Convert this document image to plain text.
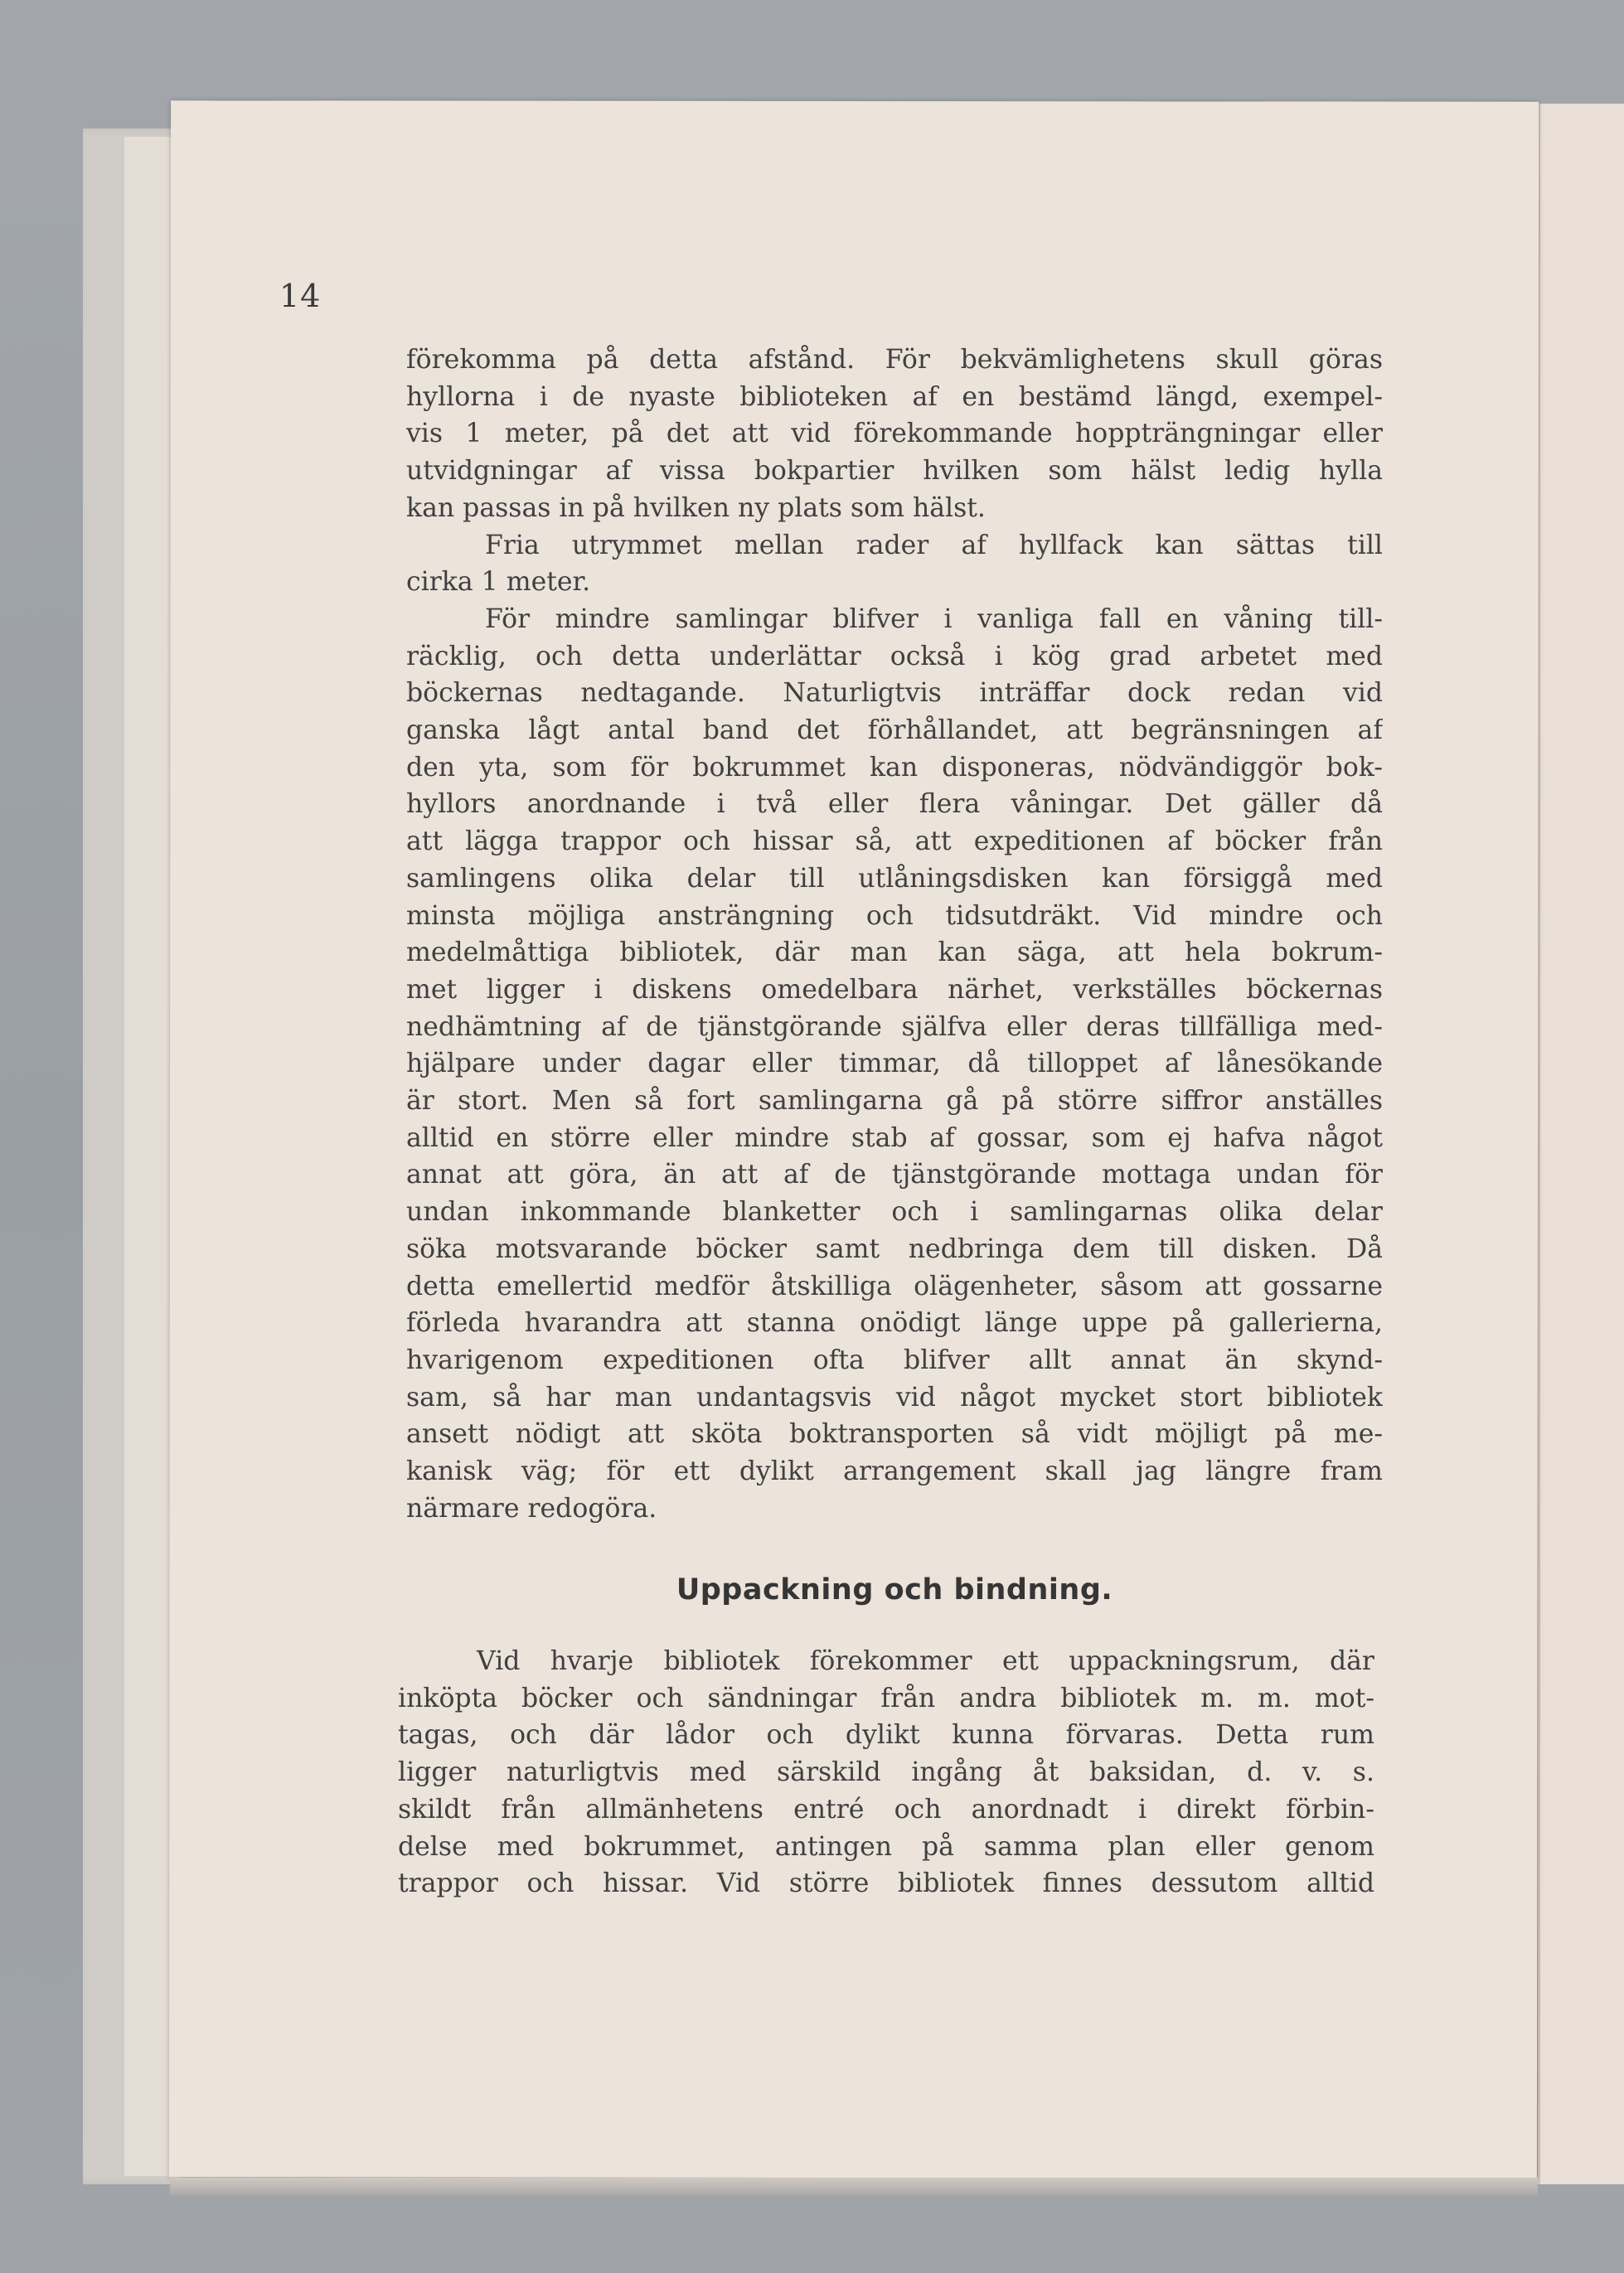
14
förekomma på detta afstånd. För bekvämlighetens skull göras
hyllorna i de nyaste biblioteken af en bestämd längd, exempel-
vis 1 meter, på det att vid förekommande hoppträngningar eller
utvidgningar af vissa bokpartier hvilken som hälst ledig hylla
kan passas in på hvilken ny plats som hälst.
Fria utrymmet mellan rader af hyllfack kan sättas till
cirka 1 meter.
För mindre samlingar blifver i vanliga fall en våning till-
räcklig, och detta underlättar också i kög grad arbetet med
böckernas nedtagande. Naturligtvis inträffar dock redan vid
ganska lågt antal band det förhållandet, att begränsningen af
den yta, som för bokrummet kan disponeras, nödvändiggör bok-
hyllors anordnande i två eller flera våningar. Det gäller då
att lägga trappor och hissar så, att expeditionen af böcker från
samlingens olika delar till utlåningsdisken kan försiggå med
minsta möjliga ansträngning och tidsutdräkt. Vid mindre och
medelmåttiga bibliotek, där man kan säga, att hela bokrum-
met ligger i diskens omedelbara närhet, verkställes böckernas
nedhämtning af de tjänstgörande själfva eller deras tillfälliga med-
hjälpare under dagar eller timmar, då tilloppet af lånesökande
är stort. Men så fort samlingarna gå på större siffror anställes
alltid en större eller mindre stab af gossar, som ej hafva något
annat att göra, än att af de tjänstgörande mottaga undan för
undan inkommande blanketter och i samlingarnas olika delar
söka motsvarande böcker samt nedbringa dem till disken. Då
detta emellertid medför åtskilliga olägenheter, såsom att gossarne
förleda hvarandra att stanna onödigt länge uppe på gallerierna,
hvarigenom expeditionen ofta blifver allt annat än skynd-
sam, så har man undantagsvis vid något mycket stort bibliotek
ansett nödigt att sköta boktransporten så vidt möjligt på me-
kanisk väg; för ett dylikt arrangement skall jag längre fram
närmare redogöra.
Uppackning och bindning.
Vid hvarje bibliotek förekommer ett uppackningsrum, där
inköpta böcker och sändningar från andra bibliotek m. m. mot-
tagas, och där lådor och dylikt kunna förvaras. Detta rum
ligger naturligtvis med särskild ingång åt baksidan, d. v. s.
skildt från allmänhetens entré och anordnadt i direkt förbin-
delse med bokrummet, antingen på samma plan eller genom
trappor och hissar. Vid större bibliotek finnes dessutom alltid
